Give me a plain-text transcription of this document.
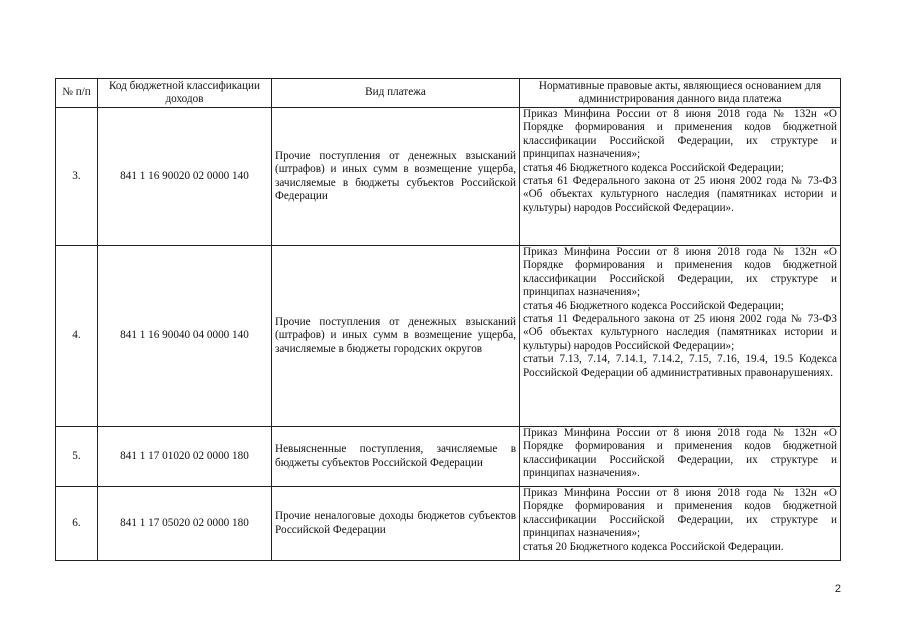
№ п/п	Код бюджетной классификации доходов	Вид платежа	Нормативные правовые акты, являющиеся основанием для администрирования данного вида платежа
3.	841 1 16 90020 02 0000 140	Прочие поступления от денежных взысканий (штрафов) и иных сумм в возмещение ущерба, зачисляемые в бюджеты субъектов Российской Федерации	Приказ Минфина России от 8 июня 2018 года № 132н «О Порядке формирования и применения кодов бюджетной классификации Российской Федерации, их структуре и принципах назначения»;
статья 46 Бюджетного кодекса Российской Федерации;
статья 61 Федерального закона от 25 июня 2002 года № 73-ФЗ «Об объектах культурного наследия (памятниках истории и культуры) народов Российской Федерации».

4.	841 1 16 90040 04 0000 140	Прочие поступления от денежных взысканий (штрафов) и иных сумм в возмещение ущерба, зачисляемые в бюджеты городских округов	Приказ Минфина России от 8 июня 2018 года № 132н «О Порядке формирования и применения кодов бюджетной классификации Российской Федерации, их структуре и принципах назначения»;
статья 46 Бюджетного кодекса Российской Федерации;
статья 11 Федерального закона от 25 июня 2002 года № 73-ФЗ «Об объектах культурного наследия (памятниках истории и культуры) народов Российской Федерации»;
статьи 7.13, 7.14, 7.14.1, 7.14.2, 7.15, 7.16, 19.4, 19.5 Кодекса Российской Федерации об административных правонарушениях.

5.	841 1 17 01020 02 0000 180	Невыясненные поступления, зачисляемые в бюджеты субъектов Российской Федерации	Приказ Минфина России от 8 июня 2018 года № 132н «О Порядке формирования и применения кодов бюджетной классификации Российской Федерации, их структуре и принципах назначения».

6.	841 1 17 05020 02 0000 180	Прочие неналоговые доходы бюджетов субъектов Российской Федерации	Приказ Минфина России от 8 июня 2018 года № 132н «О Порядке формирования и применения кодов бюджетной классификации Российской Федерации, их структуре и принципах назначения»;
статья 20 Бюджетного кодекса Российской Федерации.
2
